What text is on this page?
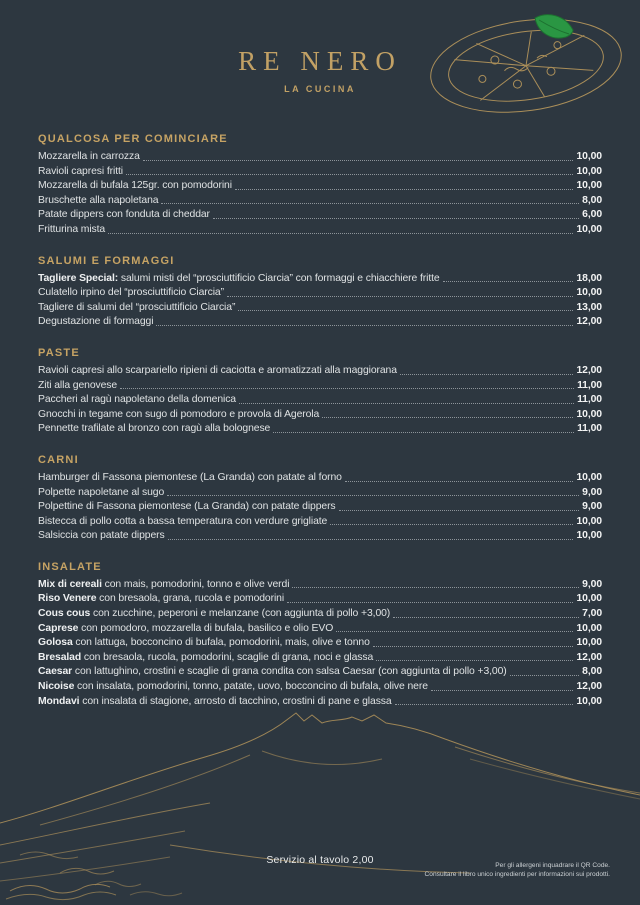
RE NERO
LA CUCINA
QUALCOSA PER COMINCIARE
Mozzarella in carrozza	10,00
Ravioli capresi fritti	10,00
Mozzarella di bufala 125gr. con pomodorini	10,00
Bruschette alla napoletana	8,00
Patate dippers con fonduta di cheddar	6,00
Fritturina mista	10,00
SALUMI E FORMAGGI
Tagliere Special: salumi misti del “prosciuttificio Ciarcia” con formaggi e chiacchiere fritte	18,00
Culatello irpino del “prosciuttificio Ciarcia”	10,00
Tagliere di salumi del “prosciuttificio Ciarcia”	13,00
Degustazione di formaggi	12,00
PASTE
Ravioli capresi allo scarpariello ripieni di caciotta e aromatizzati alla maggiorana	12,00
Ziti alla genovese	11,00
Paccheri al ragù napoletano della domenica	11,00
Gnocchi in tegame con sugo di pomodoro e provola di Agerola	10,00
Pennette trafilate al bronzo con ragù alla bolognese	11,00
CARNI
Hamburger di Fassona piemontese (La Granda) con patate al forno	10,00
Polpette napoletane al sugo	9,00
Polpettine di Fassona piemontese (La Granda) con patate dippers	9,00
Bistecca di pollo cotta a bassa temperatura con verdure grigliate	10,00
Salsiccia con patate dippers	10,00
INSALATE
Mix di cereali con mais, pomodorini, tonno e olive verdi	9,00
Riso Venere con bresaola, grana, rucola e pomodorini	10,00
Cous cous con zucchine, peperoni e melanzane (con aggiunta di pollo +3,00)	7,00
Caprese con pomodoro, mozzarella di bufala, basilico e olio EVO	10,00
Golosa con lattuga, bocconcino di bufala, pomodorini, mais, olive e tonno	10,00
Bresalad con bresaola, rucola, pomodorini, scaglie di grana, noci e glassa	12,00
Caesar con lattughino, crostini e scaglie di grana condita con salsa Caesar (con aggiunta di pollo +3,00)	8,00
Nicoise con insalata, pomodorini, tonno, patate, uovo, bocconcino di bufala, olive nere	12,00
Mondavi con insalata di stagione, arrosto di tacchino, crostini di pane e glassa	10,00
Servizio al tavolo 2,00	Per gli allergeni inquadrare il QR Code.
Consultare il libro unico ingredienti per informazioni sui prodotti.
